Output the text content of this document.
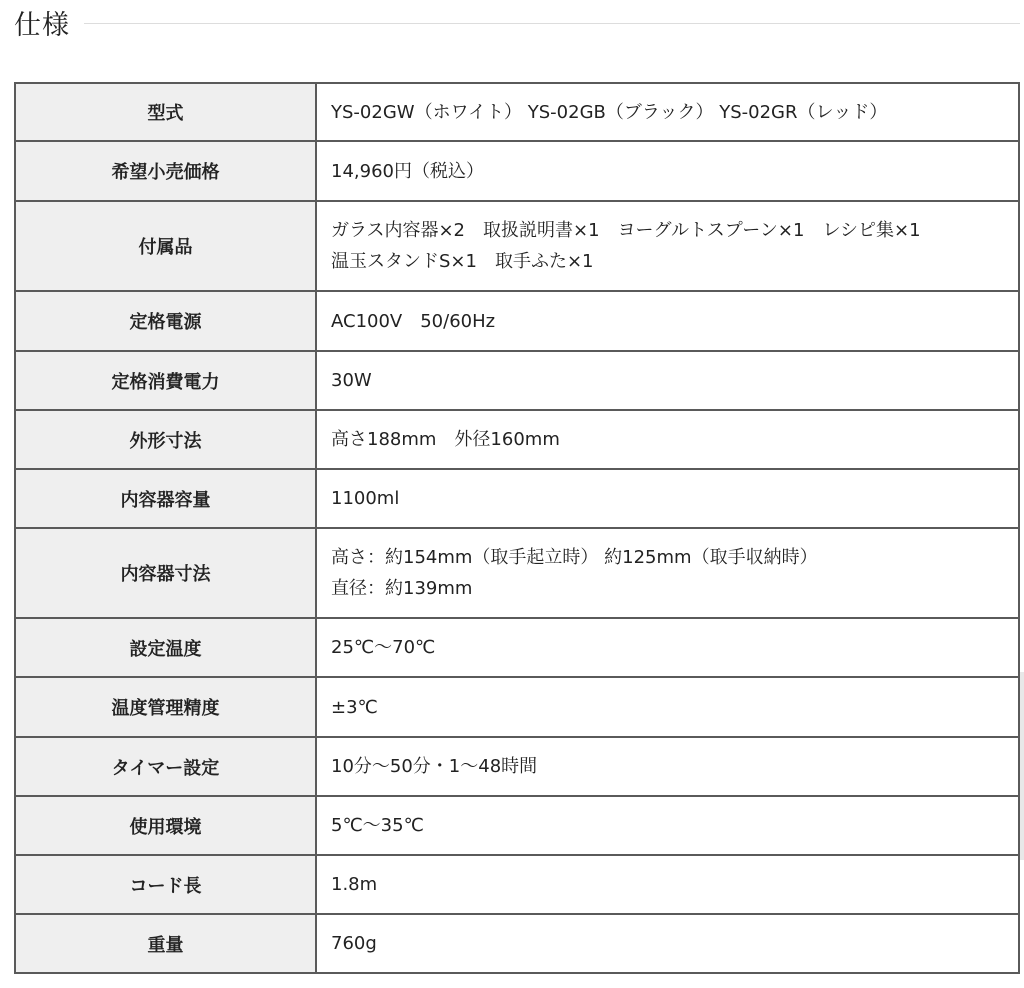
仕様
型式	YS-02GW（ホワイト） YS-02GB（ブラック） YS-02GR（レッド）

希望小売価格	14,960円（税込）

付属品	ガラス内容器×2　取扱説明書×1　ヨーグルトスプーン×1　レシピ集×1
温玉スタンドS×1　取手ふた×1

定格電源	AC100V　50/60Hz

定格消費電力	30W

外形寸法	高さ188mm　外径160mm

内容器容量	1100ml

内容器寸法	高さ：約154mm（取手起立時） 約125mm（取手収納時）
直径：約139mm

設定温度	25℃〜70℃

温度管理精度	±3℃

タイマー設定	10分〜50分・1〜48時間

使用環境	5℃〜35℃

コード長	1.8m

重量	760g
